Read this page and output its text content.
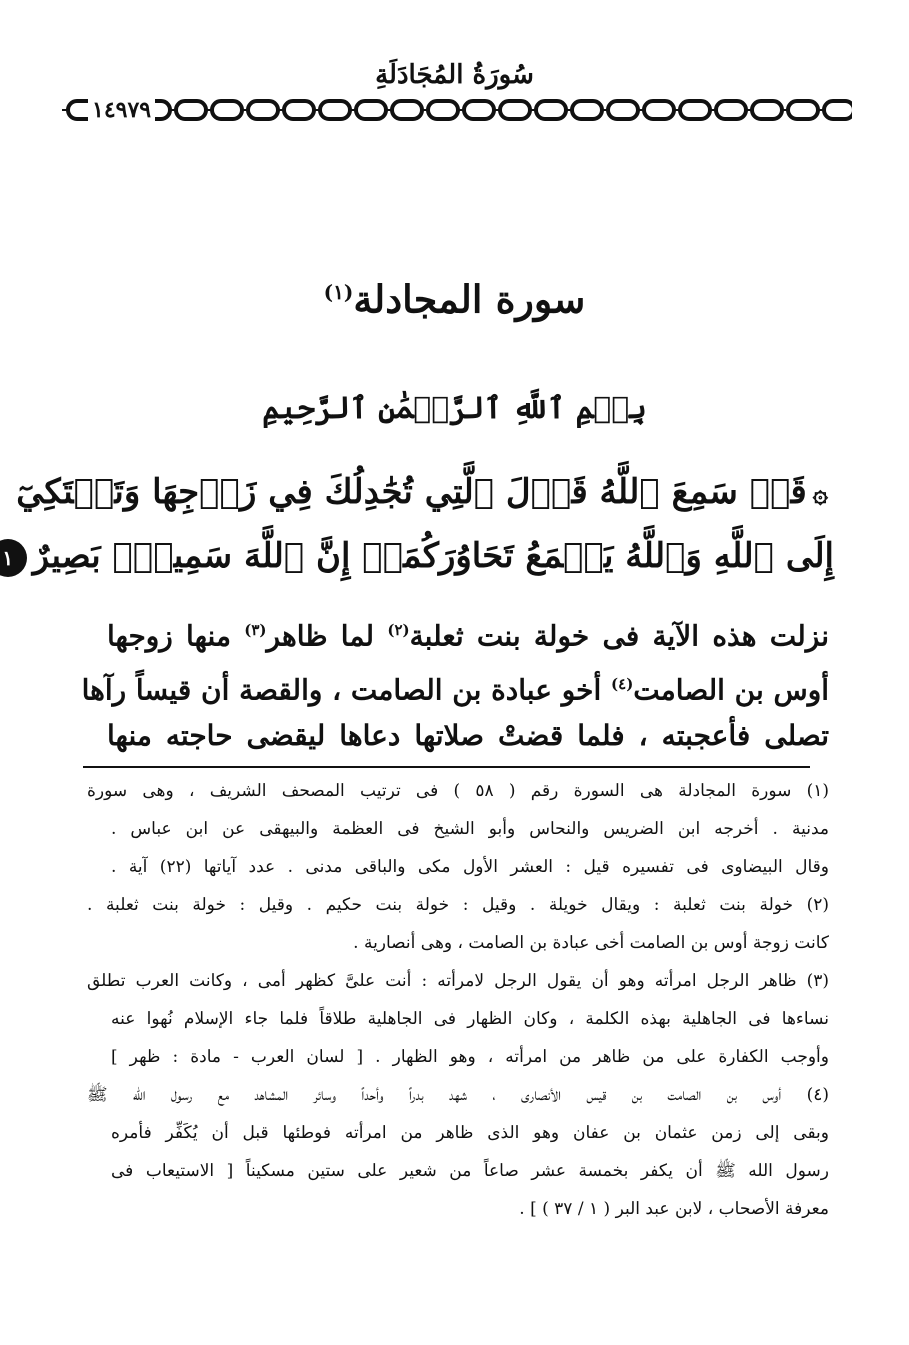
سُورَةُ المُجَادَلَةِ
١٤٩٧٩
سورة المجادلة$^{(١)}$
بِسۡمِ ٱللَّهِ ٱلرَّحۡمَٰنِ ٱلرَّحِيمِ
۞قَدۡ سَمِعَ ٱللَّهُ قَوۡلَ ٱلَّتِي تُجَٰدِلُكَ فِي زَوۡجِهَا وَتَشۡتَكِيٓ
إِلَى ٱللَّهِ وَٱللَّهُ يَسۡمَعُ تَحَاوُرَكُمَآۚ إِنَّ ٱللَّهَ سَمِيعُۢ بَصِيرٌ١
نزلت هذه الآية فى خولة بنت ثعلبة$^{(٢)}$ لما ظاهر$^{(٣)}$ منها زوجها
أوس بن الصامت$^{(٤)}$ أخو عبادة بن الصامت ، والقصة أن قيساً رآها
تصلى فأعجبته ، فلما قضتْ صلاتها دعاها ليقضى حاجته منها
(١) سورة المجادلة هى السورة رقم ( ٥٨ ) فى ترتيب المصحف الشريف ، وهى سورة
مدنية . أخرجه ابن الضريس والنحاس وأبو الشيخ فى العظمة والبيهقى عن ابن عباس .
وقال البيضاوى فى تفسيره قيل : العشر الأول مكى والباقى مدنى . عدد آياتها (٢٢) آية .
(٢) خولة بنت ثعلبة : ويقال خويلة . وقيل : خولة بنت حكيم . وقيل : خولة بنت ثعلبة .
كانت زوجة أوس بن الصامت أخى عبادة بن الصامت ، وهى أنصارية .
(٣) ظاهر الرجل امرأته وهو أن يقول الرجل لامرأته : أنت علىَّ كظهر أمى ، وكانت العرب تطلق
نساءها فى الجاهلية بهذه الكلمة ، وكان الظهار فى الجاهلية طلاقاً فلما جاء الإسلام نُهوا عنه
وأوجب الكفارة على من ظاهر من امرأته ، وهو الظهار . [ لسان العرب - مادة : ظهر ]
(٤) أوس بن الصامت بن قيس الأنصارى ، شهد بدراً وأحداً وسائر المشاهد مع رسول الله ﷺ
وبقى إلى زمن عثمان بن عفان وهو الذى ظاهر من امرأته فوطئها قبل أن يُكَفِّر فأمره
رسول الله ﷺ أن يكفر بخمسة عشر صاعاً من شعير على ستين مسكيناً [ الاستيعاب فى
معرفة الأصحاب ، لابن عبد البر ( ١ / ٣٧ ) ] .
